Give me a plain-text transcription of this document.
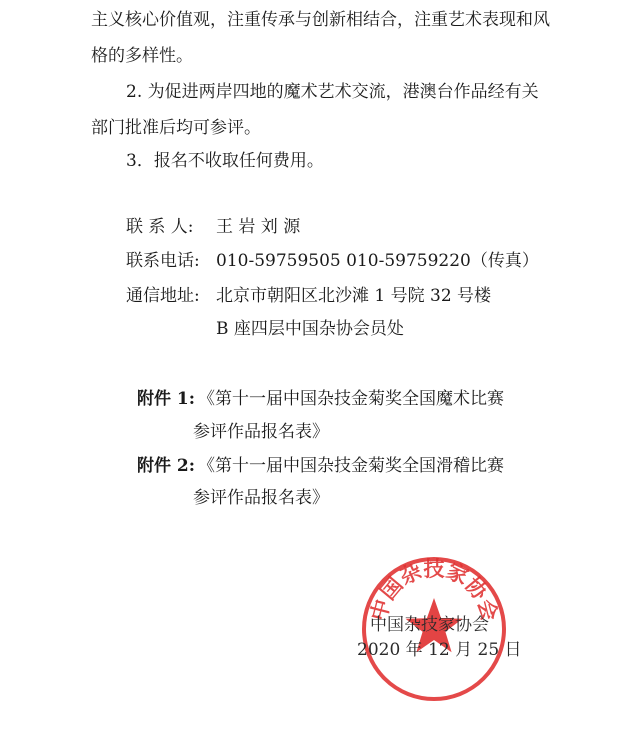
主义核心价值观，注重传承与创新相结合，注重艺术表现和风
格的多样性。
2. 为促进两岸四地的魔术艺术交流，港澳台作品经有关
部门批准后均可参评。
3．报名不收取任何费用。
联 系 人: 王 岩 刘 源
联系电话: 010-59759505 010-59759220（传真）
通信地址: 北京市朝阳区北沙滩 1 号院 32 号楼
B 座四层中国杂协会员处
附件 1: 《第十一届中国杂技金菊奖全国魔术比赛
参评作品报名表》
附件 2: 《第十一届中国杂技金菊奖全国滑稽比赛
参评作品报名表》
中国杂技家协会
中国杂技家协会
2020 年 12 月 25 日
